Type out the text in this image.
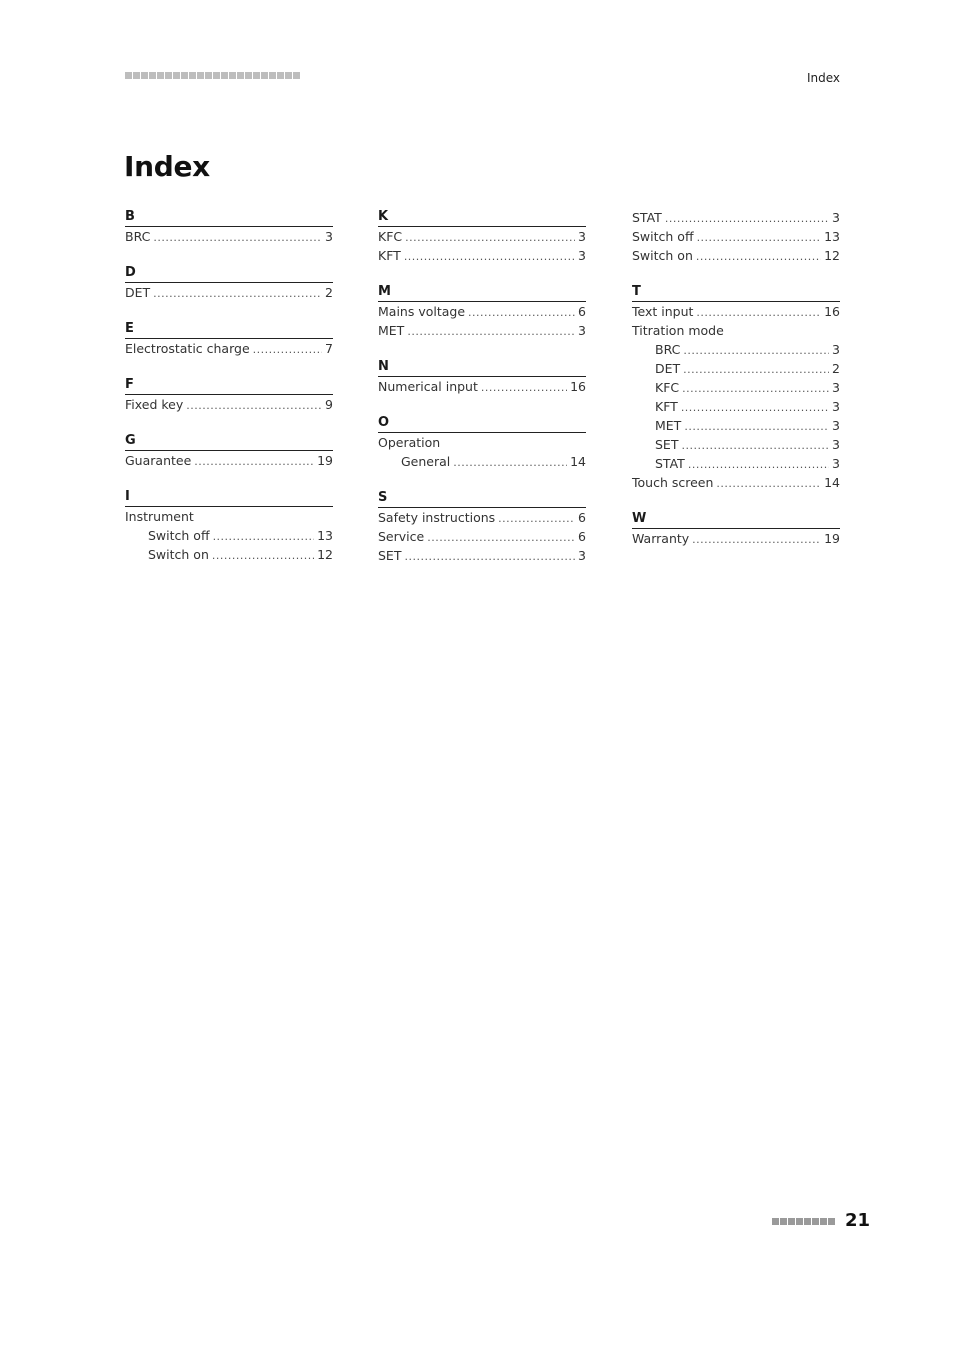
Index
Index
B
BRC .....	3
D
DET .....	2
E
Electrostatic charge .....	7
F
Fixed key .....	9
G
Guarantee .....	19
I
Instrument
Switch off .....	13
Switch on .....	12
K
KFC .....	3
KFT .....	3
M
Mains voltage .....	6
MET .....	3
N
Numerical input .....	16
O
Operation
General .....	14
S
Safety instructions .....	6
Service .....	6
SET .....	3
STAT .....	3
Switch off .....	13
Switch on .....	12
T
Text input .....	16
Titration mode
BRC .....	3
DET .....	2
KFC .....	3
KFT .....	3
MET .....	3
SET .....	3
STAT .....	3
Touch screen .....	14
W
Warranty .....	19
21
